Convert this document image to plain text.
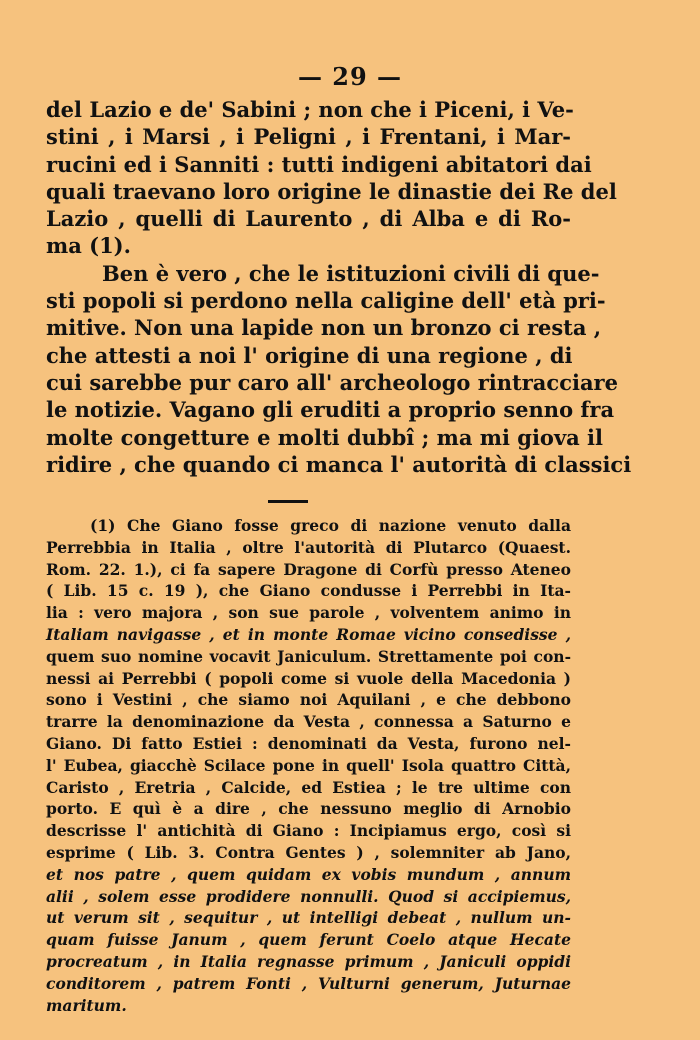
— 29 —
del Lazio e de' Sabini ; non che i Piceni, i Ve-
stini , i Marsi , i Peligni , i Frentani, i Mar-
rucini ed i Sanniti : tutti indigeni abitatori dai
quali traevano loro origine le dinastie dei Re del
Lazio , quelli di Laurento , di Alba e di Ro-
ma (1).
Ben è vero , che le istituzioni civili di que-
sti popoli si perdono nella caligine dell' età pri-
mitive. Non una lapide non un bronzo ci resta ,
che attesti a noi l' origine di una regione , di
cui sarebbe pur caro all' archeologo rintracciare
le notizie. Vagano gli eruditi a proprio senno fra
molte congetture e molti dubbî ; ma mi giova il
ridire , che quando ci manca l' autorità di classici
(1) Che Giano fosse greco di nazione venuto dalla
Perrebbia in Italia , oltre l'autorità di Plutarco (Quaest.
Rom. 22. 1.), ci fa sapere Dragone di Corfù presso Ateneo
( Lib. 15 c. 19 ), che Giano condusse i Perrebbi in Ita-
lia : vero majora , son sue parole , volventem animo in
Italiam navigasse , et in monte Romae vicino consedisse ,
quem suo nomine vocavit Janiculum. Strettamente poi con-
nessi ai Perrebbi ( popoli come si vuole della Macedonia )
sono i Vestini , che siamo noi Aquilani , e che debbono
trarre la denominazione da Vesta , connessa a Saturno e
Giano. Di fatto Estiei : denominati da Vesta, furono nel-
l' Eubea, giacchè Scilace pone in quell' Isola quattro Città,
Caristo , Eretria , Calcide, ed Estiea ; le tre ultime con
porto. E quì è a dire , che nessuno meglio di Arnobio
descrisse l' antichità di Giano : Incipiamus ergo, così si
esprime ( Lib. 3. Contra Gentes ) , solemniter ab Jano,
et nos patre , quem quidam ex vobis mundum , annum
alii , solem esse prodidere nonnulli. Quod si accipiemus,
ut verum sit , sequitur , ut intelligi debeat , nullum un-
quam fuisse Janum , quem ferunt Coelo atque Hecate
procreatum , in Italia regnasse primum , Janiculi oppidi
conditorem , patrem Fonti , Vulturni generum, Juturnae
maritum.
